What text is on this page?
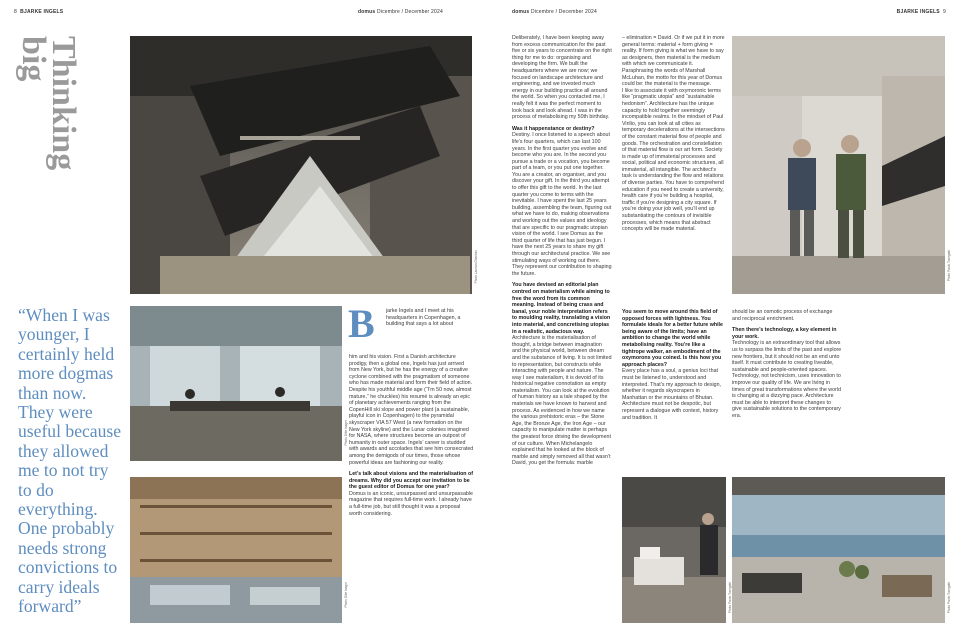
8 BJARKE INGELS	domus Dicembre / December 2024	domus Dicembre / December 2024	BJARKE INGELS 9
Thinking big
“When I was younger, I certainly held more dogmas than now. They were useful because they allowed me to not try to do everything. One probably needs strong convictions to carry ideals forward”
Photo Laurian Ghinitoiu
Photo Ditte Isager
Photo Ditte Isager
B jarke Ingels and I meet at his headquarters in Copenhagen, a building that says a lot about

him and his vision. First a Danish architecture prodigy, then a global one, Ingels has just arrived from New York, but he has the energy of a creative cyclone combined with the pragmatism of someone who has made material and form their field of action. Despite his youthful middle age (“I’m 50 now, almost mature,” he chuckles) his resumé is already an epic of planetary achievements ranging from the CopenHill ski slope and power plant (a sustainable, playful icon in Copenhagen) to the pyramidal skyscraper VIA 57 West (a new formation on the New York skyline) and the Lunar colonies imagined for NASA, where structures become an outpost of humanity in outer space. Ingels’ career is studded with awards and accolades that see him consecrated among the demigods of our times, those whose powerful ideas are fashioning our reality.

Let’s talk about visions and the materialisation of dreams. Why did you accept our invitation to be the guest editor of Domus for one year?

Domus is an iconic, unsurpassed and unsurpassable magazine that requires full-time work. I already have a full-time job, but still thought it was a proposal worth considering.

Deliberately, I have been keeping away from excess communication for the past five or six years to concentrate on the right thing for me to do: organising and developing the firm. We built the headquarters where we are now; we focused on landscape architecture and engineering, and we invested much energy in our building practice all around the world. So when you contacted me, I really felt it was the perfect moment to look back and look ahead. I was in the process of metabolising my 50th birthday.

Was it happenstance or destiny?

Destiny. I once listened to a speech about life’s four quarters, which can last 100 years. In the first quarter you evolve and become who you are. In the second you pursue a trade or a vocation, you become part of a team, or you put one together. You are a creator, an organiser, and you discover your gift. In the third you attempt to offer this gift to the world. In the last quarter you come to terms with the inevitable. I have spent the last 25 years building, assembling the team, figuring out what we have to do, making observations and working out the values and ideology that are specific to our pragmatic utopian vision of the world. I see Domus as the third quarter of life that has just begun. I have the next 25 years to share my gift through our architectural practice. We see stimulating ways of working out there. They represent our contribution to shaping the future.

You have devised an editorial plan centred on materialism while aiming to free the word from its common meaning. Instead of being crass and banal, your noble interpretation refers to moulding reality, translating a vision into material, and concretising utopias in a realistic, audacious way.

Architecture is the materialisation of thought, a bridge between imagination and the physical world, between dream and the substance of living. It is not limited to representation, but constructs while interacting with people and nature. The way I see materialism, it is devoid of its historical negative connotation as empty materialism. You can look at the evolution of human history as a tale shaped by the materials we have known to harvest and process. As evidenced in how we name the various prehistoric eras – the Stone Age, the Bronze Age, the Iron Age – our capacity to manipulate matter is perhaps the greatest force driving the development of our culture. When Michelangelo explained that he looked at the block of marble and simply removed all that wasn’t David, you get the formula: marble

– elimination = David. Or if we put it in more general terms: material + form giving = reality. If form giving is what we have to say as designers, then material is the medium with which we communicate it. Paraphrasing the words of Marshall McLuhan, the motto for this year of Domus could be: the material is the message.

I like to associate it with oxymoronic terms like “pragmatic utopia” and “sustainable hedonism”. Architecture has the unique capacity to hold together seemingly incompatible realms. In the mindset of Paul Virilio, you can look at all cities as temporary decelerations at the intersections of the constant material flow of people and goods. The orchestration and constellation of that material flow is our art form. Society is made up of immaterial processes and social, political and economic structures, all immaterial, all intangible. The architect’s task is understanding the flow and relations of diverse parties. You have to comprehend education if you need to create a university, health care if you’re building a hospital, traffic if you’re designing a city square. If you’re doing your job well, you’ll end up substantiating the contours of invisible processes, which means that abstract concepts will be made material.

You seem to move around this field of opposed forces with lightness. You formulate ideals for a better future while being aware of the limits; have an ambition to change the world while metabolising reality. You’re like a tightrope walker, an embodiment of the oxymorons you coined. Is this how you approach places?

Every place has a soul, a genius loci that must be listened to, understood and interpreted. That’s my approach to design, whether it regards skyscrapers in Manhattan or the mountains of Bhutan. Architecture must not be despotic, but represent a dialogue with context, history and tradition. It

should be an osmotic process of exchange and reciprocal enrichment.

Then there’s technology, a key element in your work.

Technology is an extraordinary tool that allows us to surpass the limits of the past and explore new frontiers, but it should not be an end unto itself. It must contribute to creating liveable, sustainable and people-oriented spaces. Technology, not technicism, uses innovation to improve our quality of life. We are living in times of great transformations where the world is changing at a dizzying pace. Architecture must be able to interpret these changes to give sustainable solutions to the contemporary era.

Photo Paolo Tonegatti
Photo Paolo Tonegatti	Photo Paolo Tonegatti
